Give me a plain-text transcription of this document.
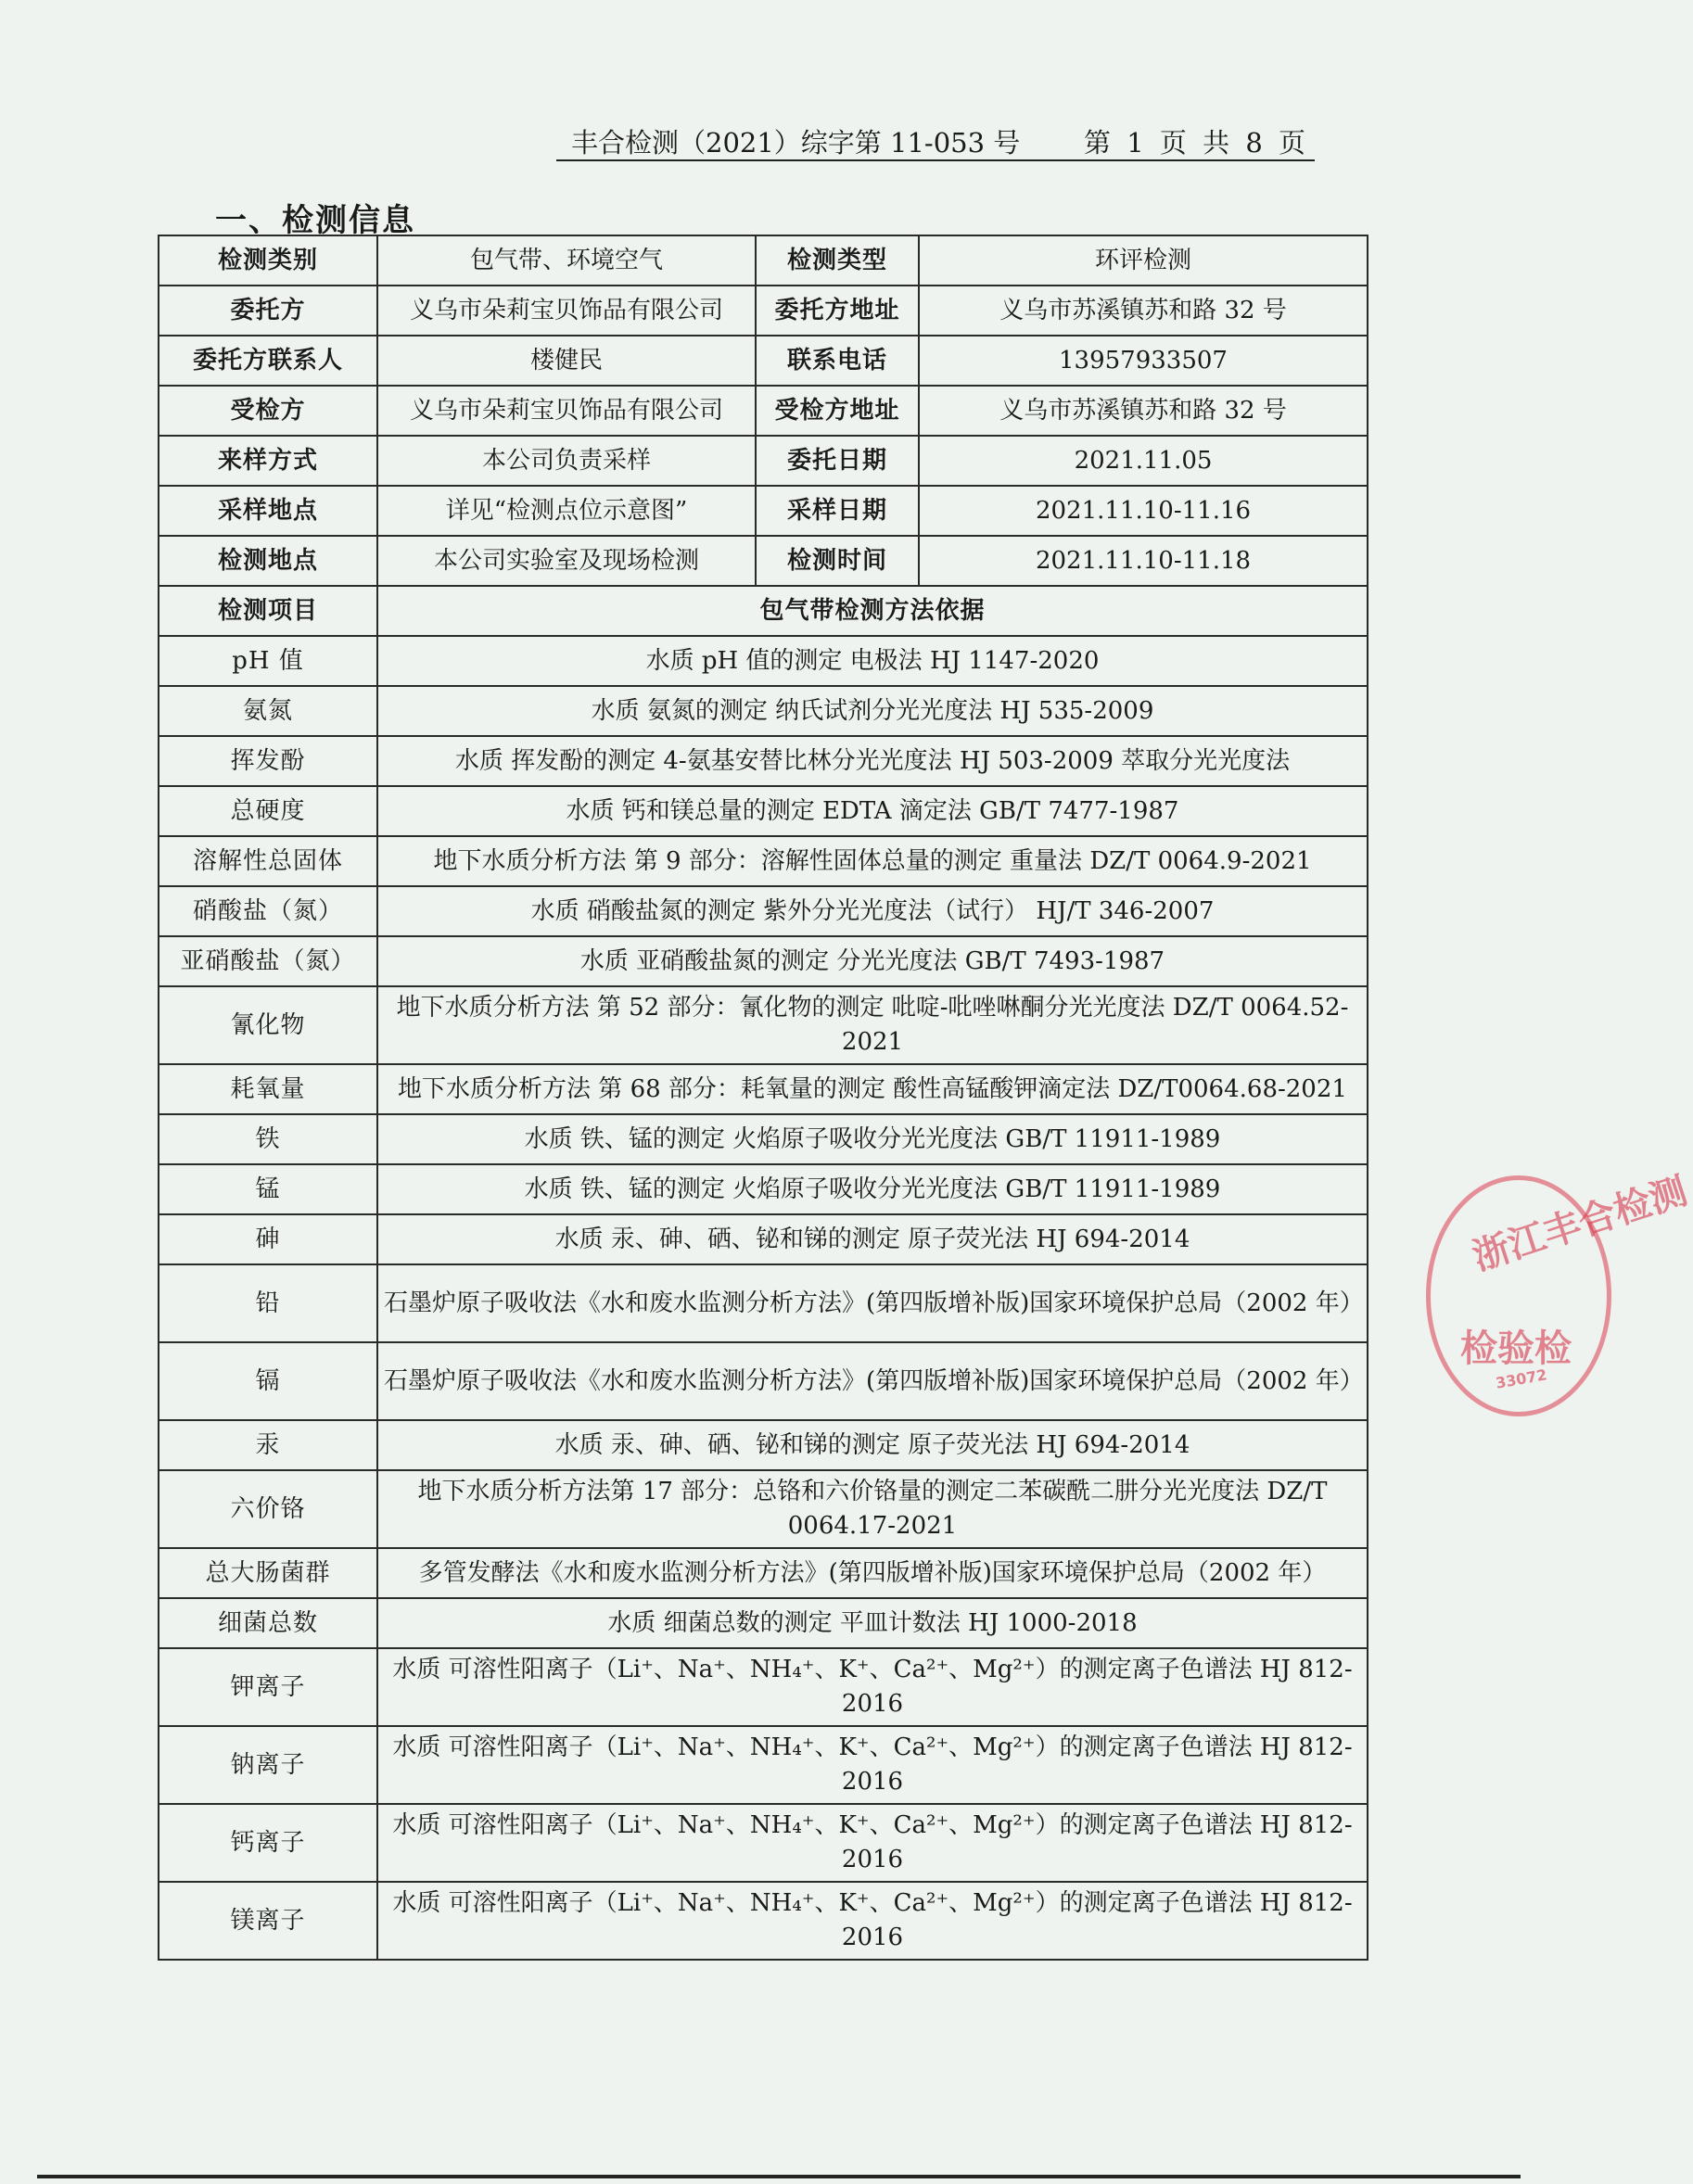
丰合检测（2021）综字第 11-053 号 第 1 页 共 8 页
一、检测信息
检测类别	包气带、环境空气	检测类型	环评检测
委托方	义乌市朵莉宝贝饰品有限公司	委托方地址	义乌市苏溪镇苏和路 32 号
委托方联系人	楼健民	联系电话	13957933507
受检方	义乌市朵莉宝贝饰品有限公司	受检方地址	义乌市苏溪镇苏和路 32 号
来样方式	本公司负责采样	委托日期	2021.11.05
采样地点	详见“检测点位示意图”	采样日期	2021.11.10-11.16
检测地点	本公司实验室及现场检测	检测时间	2021.11.10-11.18
检测项目	包气带检测方法依据		
pH 值	水质 pH 值的测定 电极法 HJ 1147-2020		
氨氮	水质 氨氮的测定 纳氏试剂分光光度法 HJ 535-2009		
挥发酚	水质 挥发酚的测定 4-氨基安替比林分光光度法 HJ 503-2009 萃取分光光度法		
总硬度	水质 钙和镁总量的测定 EDTA 滴定法 GB/T 7477-1987		
溶解性总固体	地下水质分析方法 第 9 部分：溶解性固体总量的测定 重量法 DZ/T 0064.9-2021		
硝酸盐（氮）	水质 硝酸盐氮的测定 紫外分光光度法（试行） HJ/T 346-2007		
亚硝酸盐（氮）	水质 亚硝酸盐氮的测定 分光光度法 GB/T 7493-1987		
氰化物	地下水质分析方法 第 52 部分：氰化物的测定 吡啶-吡唑啉酮分光光度法 DZ/T 0064.52-2021		
耗氧量	地下水质分析方法 第 68 部分：耗氧量的测定 酸性高锰酸钾滴定法 DZ/T0064.68-2021		
铁	水质 铁、锰的测定 火焰原子吸收分光光度法 GB/T 11911-1989		
锰	水质 铁、锰的测定 火焰原子吸收分光光度法 GB/T 11911-1989		
砷	水质 汞、砷、硒、铋和锑的测定 原子荧光法 HJ 694-2014		
铅	石墨炉原子吸收法《水和废水监测分析方法》(第四版增补版)国家环境保护总局（2002 年）		
镉	石墨炉原子吸收法《水和废水监测分析方法》(第四版增补版)国家环境保护总局（2002 年）		
汞	水质 汞、砷、硒、铋和锑的测定 原子荧光法 HJ 694-2014		
六价铬	地下水质分析方法第 17 部分：总铬和六价铬量的测定二苯碳酰二肼分光光度法 DZ/T 0064.17-2021		
总大肠菌群	多管发酵法《水和废水监测分析方法》(第四版增补版)国家环境保护总局（2002 年）		
细菌总数	水质 细菌总数的测定 平皿计数法 HJ 1000-2018		
钾离子	水质 可溶性阳离子（Li⁺、Na⁺、NH₄⁺、K⁺、Ca²⁺、Mg²⁺）的测定离子色谱法 HJ 812-2016		
钠离子	水质 可溶性阳离子（Li⁺、Na⁺、NH₄⁺、K⁺、Ca²⁺、Mg²⁺）的测定离子色谱法 HJ 812-2016		
钙离子	水质 可溶性阳离子（Li⁺、Na⁺、NH₄⁺、K⁺、Ca²⁺、Mg²⁺）的测定离子色谱法 HJ 812-2016		
镁离子	水质 可溶性阳离子（Li⁺、Na⁺、NH₄⁺、K⁺、Ca²⁺、Mg²⁺）的测定离子色谱法 HJ 812-2016		
浙江丰合检测
检验检
33072
